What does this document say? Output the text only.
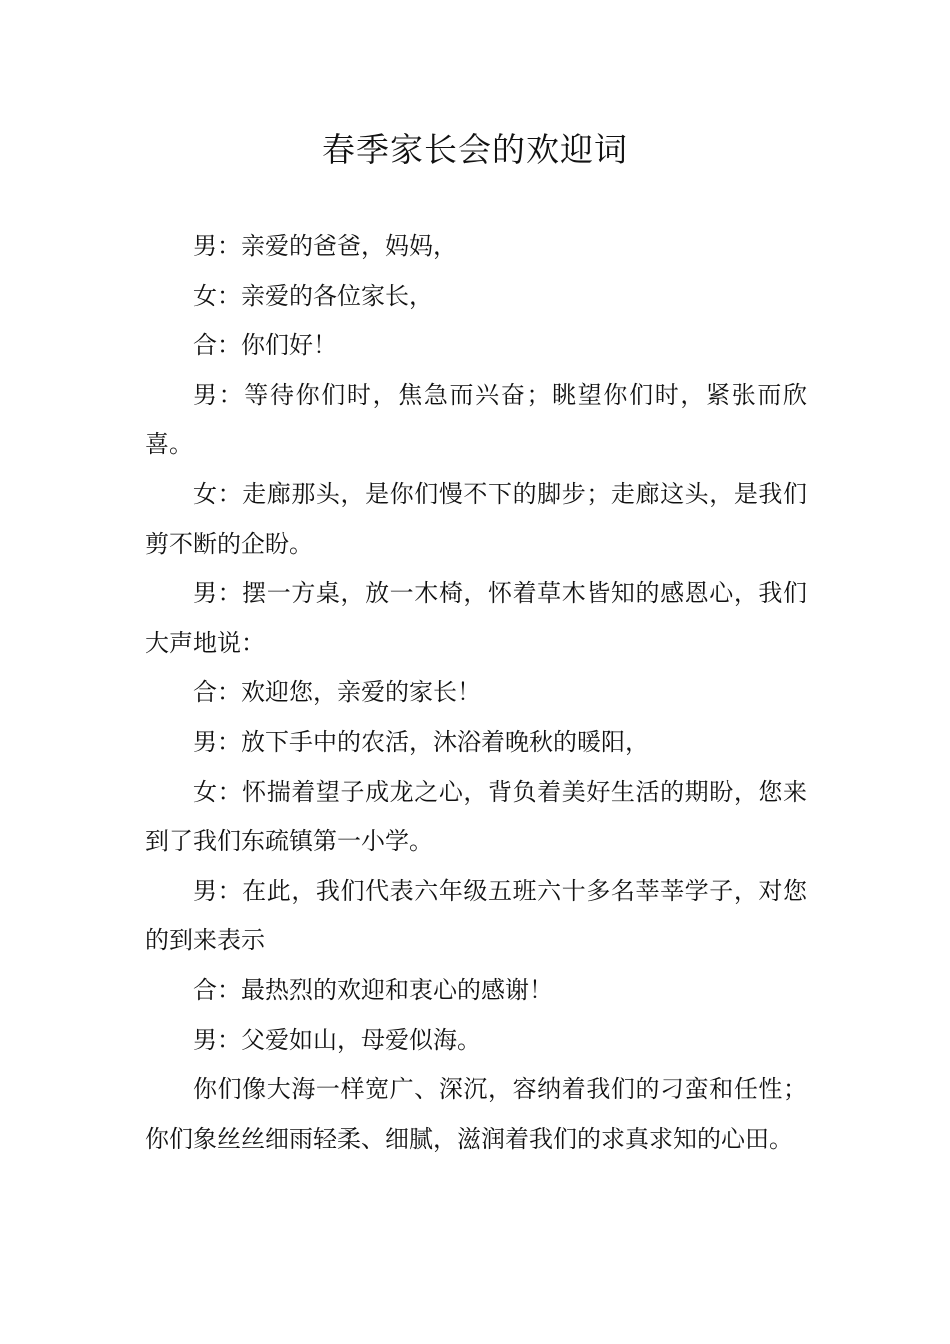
春季家长会的欢迎词

男：亲爱的爸爸，妈妈，

女：亲爱的各位家长，

合：你们好！

男：等待你们时，焦急而兴奋；眺望你们时，紧张而欣喜。

女：走廊那头，是你们慢不下的脚步；走廊这头，是我们剪不断的企盼。

男：摆一方桌，放一木椅，怀着草木皆知的感恩心，我们大声地说：

合：欢迎您，亲爱的家长！

男：放下手中的农活，沐浴着晚秋的暖阳，

女：怀揣着望子成龙之心，背负着美好生活的期盼，您来到了我们东疏镇第一小学。

男：在此，我们代表六年级五班六十多名莘莘学子，对您的到来表示

合：最热烈的欢迎和衷心的感谢！

男：父爱如山，母爱似海。

你们像大海一样宽广、深沉，容纳着我们的刁蛮和任性；你们象丝丝细雨轻柔、细腻，滋润着我们的求真求知的心田。
